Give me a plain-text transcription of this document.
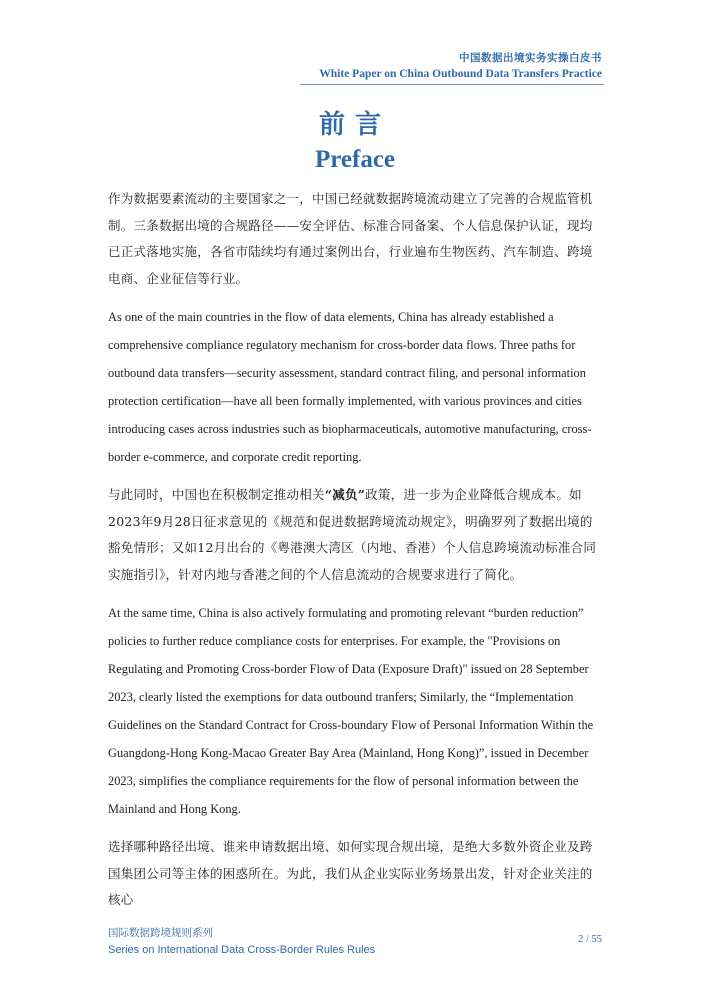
中国数据出境实务实操白皮书
White Paper on China Outbound Data Transfers Practice
前言
Preface

作为数据要素流动的主要国家之一，中国已经就数据跨境流动建立了完善的合规监管机制。三条数据出境的合规路径——安全评估、标准合同备案、个人信息保护认证，现均已正式落地实施，各省市陆续均有通过案例出台，行业遍布生物医药、汽车制造、跨境电商、企业征信等行业。

As one of the main countries in the flow of data elements, China has already established a comprehensive compliance regulatory mechanism for cross-border data flows. Three paths for outbound data transfers—security assessment, standard contract filing, and personal information protection certification—have all been formally implemented, with various provinces and cities introducing cases across industries such as biopharmaceuticals, automotive manufacturing, cross-border e-commerce, and corporate credit reporting.

与此同时，中国也在积极制定推动相关“减负”政策，进一步为企业降低合规成本。如2023年9月28日征求意见的《规范和促进数据跨境流动规定》，明确罗列了数据出境的豁免情形；又如12月出台的《粤港澳大湾区（内地、香港）个人信息跨境流动标准合同实施指引》，针对内地与香港之间的个人信息流动的合规要求进行了简化。

At the same time, China is also actively formulating and promoting relevant “burden reduction” policies to further reduce compliance costs for enterprises. For example, the "Provisions on Regulating and Promoting Cross-border Flow of Data (Exposure Draft)" issued on 28 September 2023, clearly listed the exemptions for data outbound tranfers; Similarly, the “Implementation Guidelines on the Standard Contract for Cross-boundary Flow of Personal Information Within the Guangdong-Hong Kong-Macao Greater Bay Area (Mainland, Hong Kong)”, issued in December 2023, simplifies the compliance requirements for the flow of personal information between the Mainland and Hong Kong.

选择哪种路径出境、谁来申请数据出境、如何实现合规出境，是绝大多数外资企业及跨国集团公司等主体的困惑所在。为此，我们从企业实际业务场景出发，针对企业关注的核心

国际数据跨境规则系列
Series on International Data Cross-Border Rules Rules
2 / 55
